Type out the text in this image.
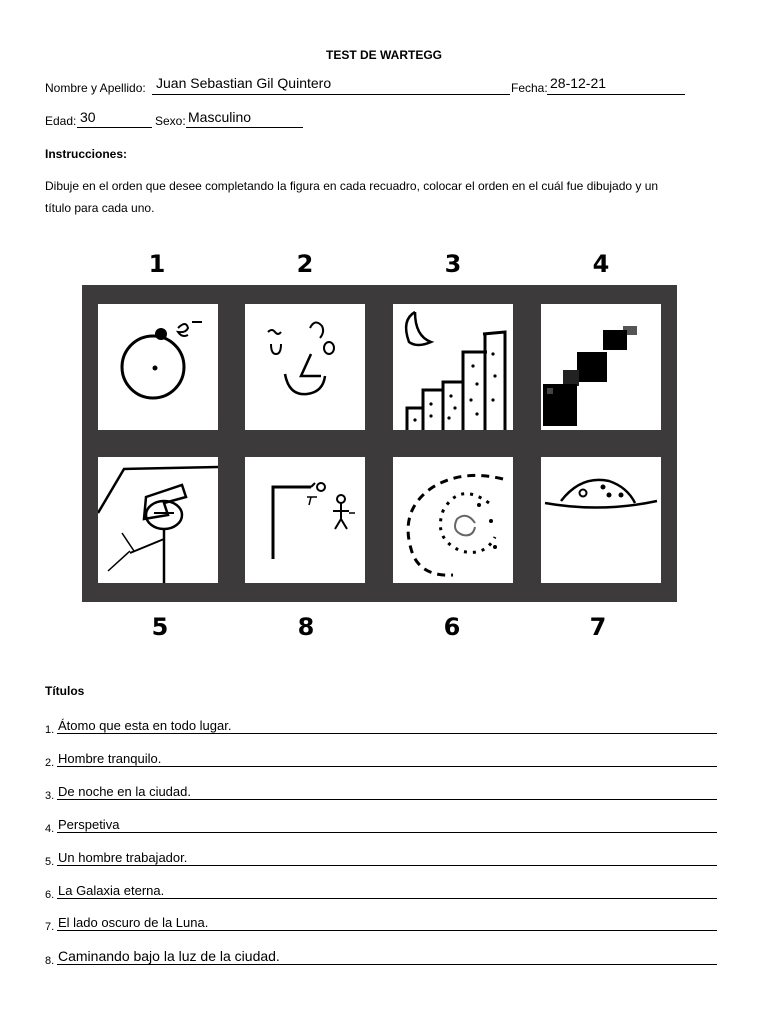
TEST DE WARTEGG
Nombre y Apellido: Juan Sebastian Gil Quintero	Fecha: 28-12-21
Edad: 30	Sexo: Masculino
Instrucciones:
Dibuje en el orden que desee completando la figura en cada recuadro, colocar el orden en el cuál fue dibujado y un
título para cada uno.
1	2	3	4
5	8	6	7
Títulos
1. Átomo que esta en todo lugar.
2. Hombre tranquilo.
3. De noche en la ciudad.
4. Perspetiva
5. Un hombre trabajador.
6. La Galaxia eterna.
7. El lado oscuro de la Luna.
8. Caminando bajo la luz de la ciudad.
